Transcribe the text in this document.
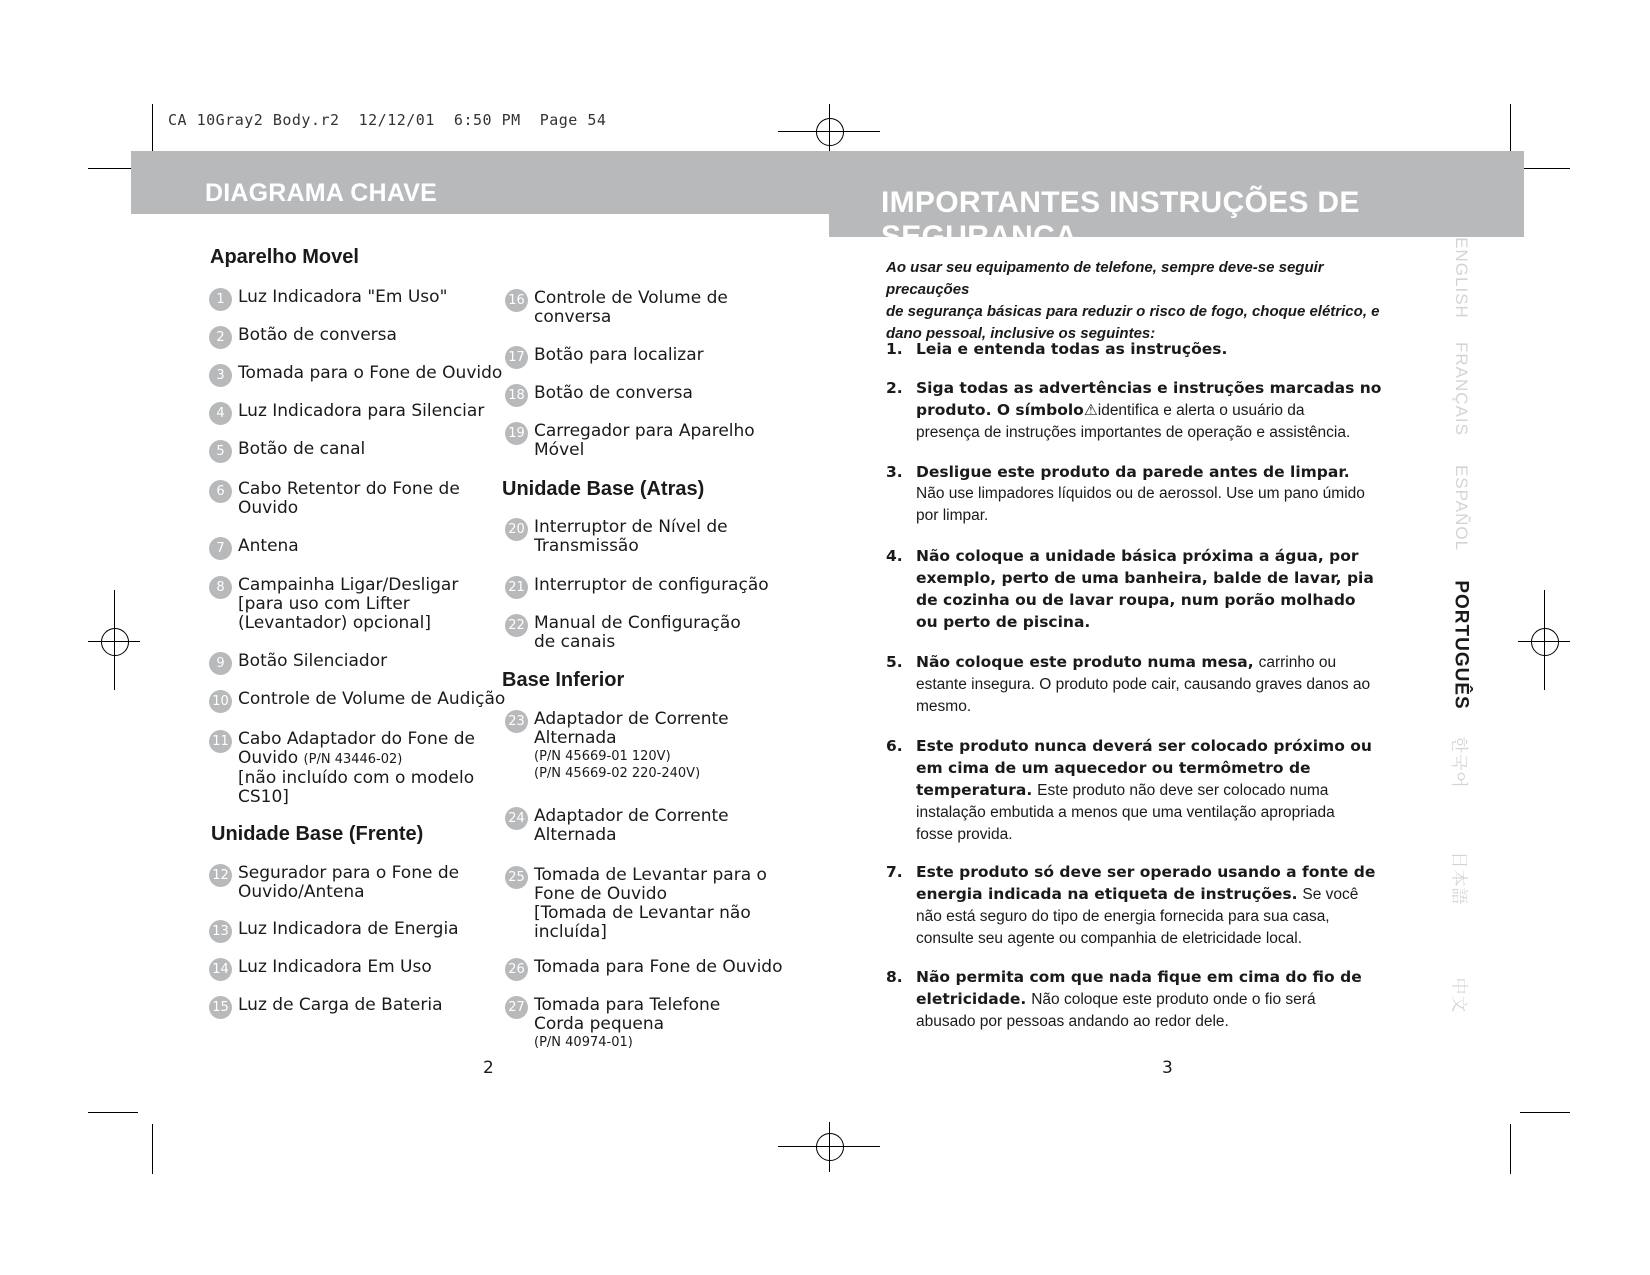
CA 10Gray2 Body.r2  12/12/01  6:50 PM  Page 54
DIAGRAMA CHAVE	IMPORTANTES INSTRUÇÕES DE SEGURANÇA
Aparelho Movel
1 Luz Indicadora "Em Uso"
2 Botão de conversa
3 Tomada para o Fone de Ouvido
4 Luz Indicadora para Silenciar
5 Botão de canal
6 Cabo Retentor do Fone de
Ouvido
7 Antena
8 Campainha Ligar/Desligar
[para uso com Lifter
(Levantador) opcional]
9 Botão Silenciador
10 Controle de Volume de Audição
11 Cabo Adaptador do Fone de
Ouvido (P/N 43446-02)
[não incluído com o modelo
CS10]
Unidade Base (Frente)
12 Segurador para o Fone de
Ouvido/Antena
13 Luz Indicadora de Energia
14 Luz Indicadora Em Uso
15 Luz de Carga de Bateria
16 Controle de Volume de
conversa
17 Botão para localizar
18 Botão de conversa
19 Carregador para Aparelho
Móvel
Unidade Base (Atras)
20 Interruptor de Nível de
Transmissão
21 Interruptor de configuração
22 Manual de Configuração
de canais
Base Inferior
23 Adaptador de Corrente
Alternada
(P/N 45669-01 120V)
(P/N 45669-02 220-240V)
24 Adaptador de Corrente
Alternada
25 Tomada de Levantar para o
Fone de Ouvido
[Tomada de Levantar não
incluída]
26 Tomada para Fone de Ouvido
27 Tomada para Telefone
Corda pequena
(P/N 40974-01)
2
Ao usar seu equipamento de telefone, sempre deve-se seguir precauções
de segurança básicas para reduzir o risco de fogo, choque elétrico, e
dano pessoal, inclusive os seguintes:
1. Leia e entenda todas as instruções.
2. Siga todas as advertências e instruções marcadas no
produto. O símbolo⚠identifica e alerta o usuário da
presença de instruções importantes de operação e assistência.
3. Desligue este produto da parede antes de limpar.
Não use limpadores líquidos ou de aerossol. Use um pano úmido
por limpar.
4. Não coloque a unidade básica próxima a água, por
exemplo, perto de uma banheira, balde de lavar, pia
de cozinha ou de lavar roupa, num porão molhado
ou perto de piscina.
5. Não coloque este produto numa mesa, carrinho ou
estante insegura. O produto pode cair, causando graves danos ao
mesmo.
6. Este produto nunca deverá ser colocado próximo ou
em cima de um aquecedor ou termômetro de
temperatura. Este produto não deve ser colocado numa
instalação embutida a menos que uma ventilação apropriada
fosse provida.
7. Este produto só deve ser operado usando a fonte de
energia indicada na etiqueta de instruções. Se você
não está seguro do tipo de energia fornecida para sua casa,
consulte seu agente ou companhia de eletricidade local.
8. Não permita com que nada fique em cima do fio de
eletricidade. Não coloque este produto onde o fio será
abusado por pessoas andando ao redor dele.
3
ENGLISH
FRANÇAIS
ESPAÑOL
PORTUGUÊS
한국어
日本語
中文
